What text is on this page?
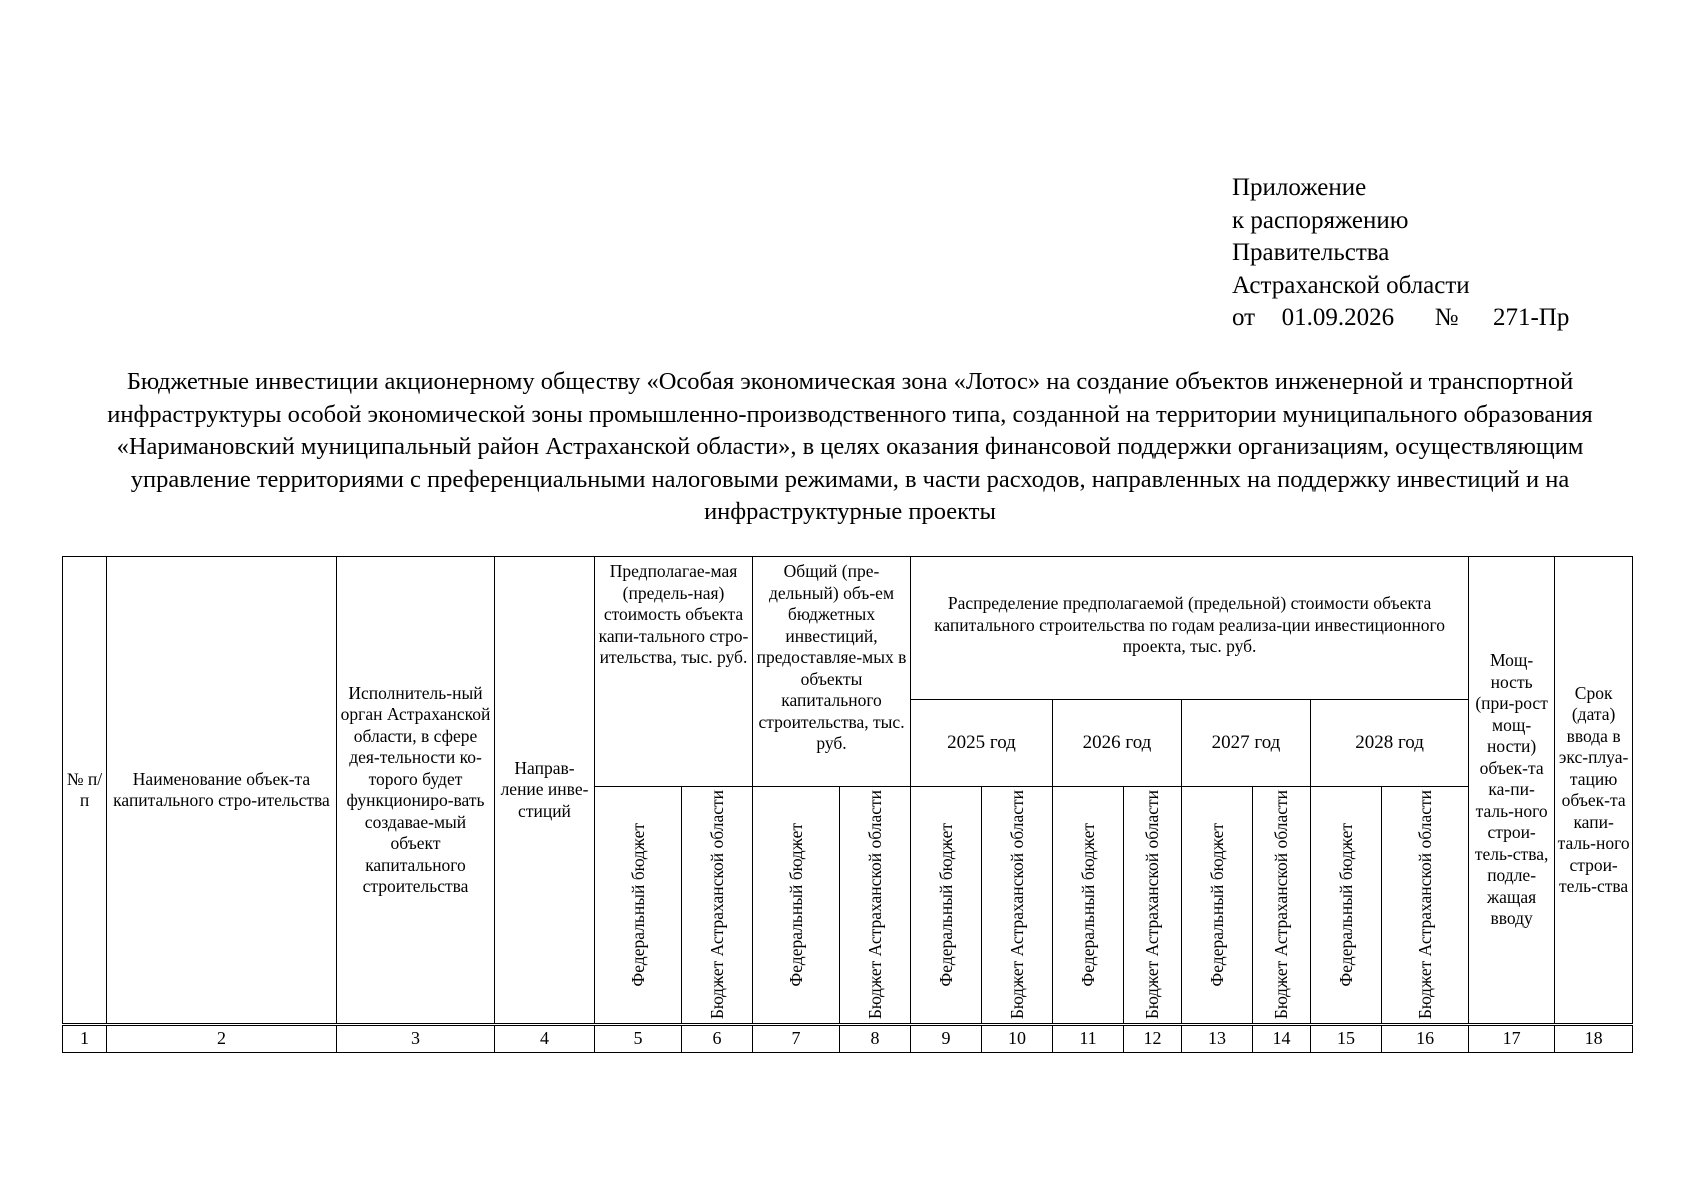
Приложение
к распоряжению
Правительства
Астраханской области
от 01.09.2026 № 271-Пр
Бюджетные инвестиции акционерному обществу «Особая экономическая зона «Лотос» на создание объектов инженерной и транспортной инфраструктуры особой экономической зоны промышленно-производственного типа, созданной на территории муниципального образования «Наримановский муниципальный район Астраханской области», в целях оказания финансовой поддержки организациям, осуществляющим управление территориями с преференциальными налоговыми режимами, в части расходов, направленных на поддержку инвестиций и на инфраструктурные проекты
№ п/п	Наименование объек-та капитального стро-ительства	Исполнитель-ный орган Астраханской области, в сфере дея-тельности ко-торого будет функциониро-вать создавае-мый объект капитального строительства	Направ-ление инве-стиций	Предполагае-мая (предель-ная) стоимость объекта капи-тального стро-ительства, тыс. руб.		Общий (пре-дельный) объ-ем бюджетных инвестиций, предоставляе-мых в объекты капитального строительства, тыс. руб.		Распределение предполагаемой (предельной) стоимости объекта капитального строительства по годам реализа-ции инвестиционного проекта, тыс. руб.								Мощ-ность (при-рост мощ-ности) объек-та ка-пи-таль-ного строи-тель-ства, подле-жащая вводу	Срок (дата) ввода в экс-плуа-тацию объек-та капи-таль-ного строи-тель-ства
								2025 год		2026 год		2027 год		2028 год			

				Федеральный бюджет	Бюджет Астраханской области	Федеральный бюджет	Бюджет Астраханской области	Федеральный бюджет	Бюджет Астраханской области	Федеральный бюджет	Бюджет Астраханской области	Федеральный бюджет	Бюджет Астраханской области	Федеральный бюджет	Бюджет Астраханской области		

1	2	3	4	5	6	7	8	9	10	11	12	13	14	15	16	17	18
